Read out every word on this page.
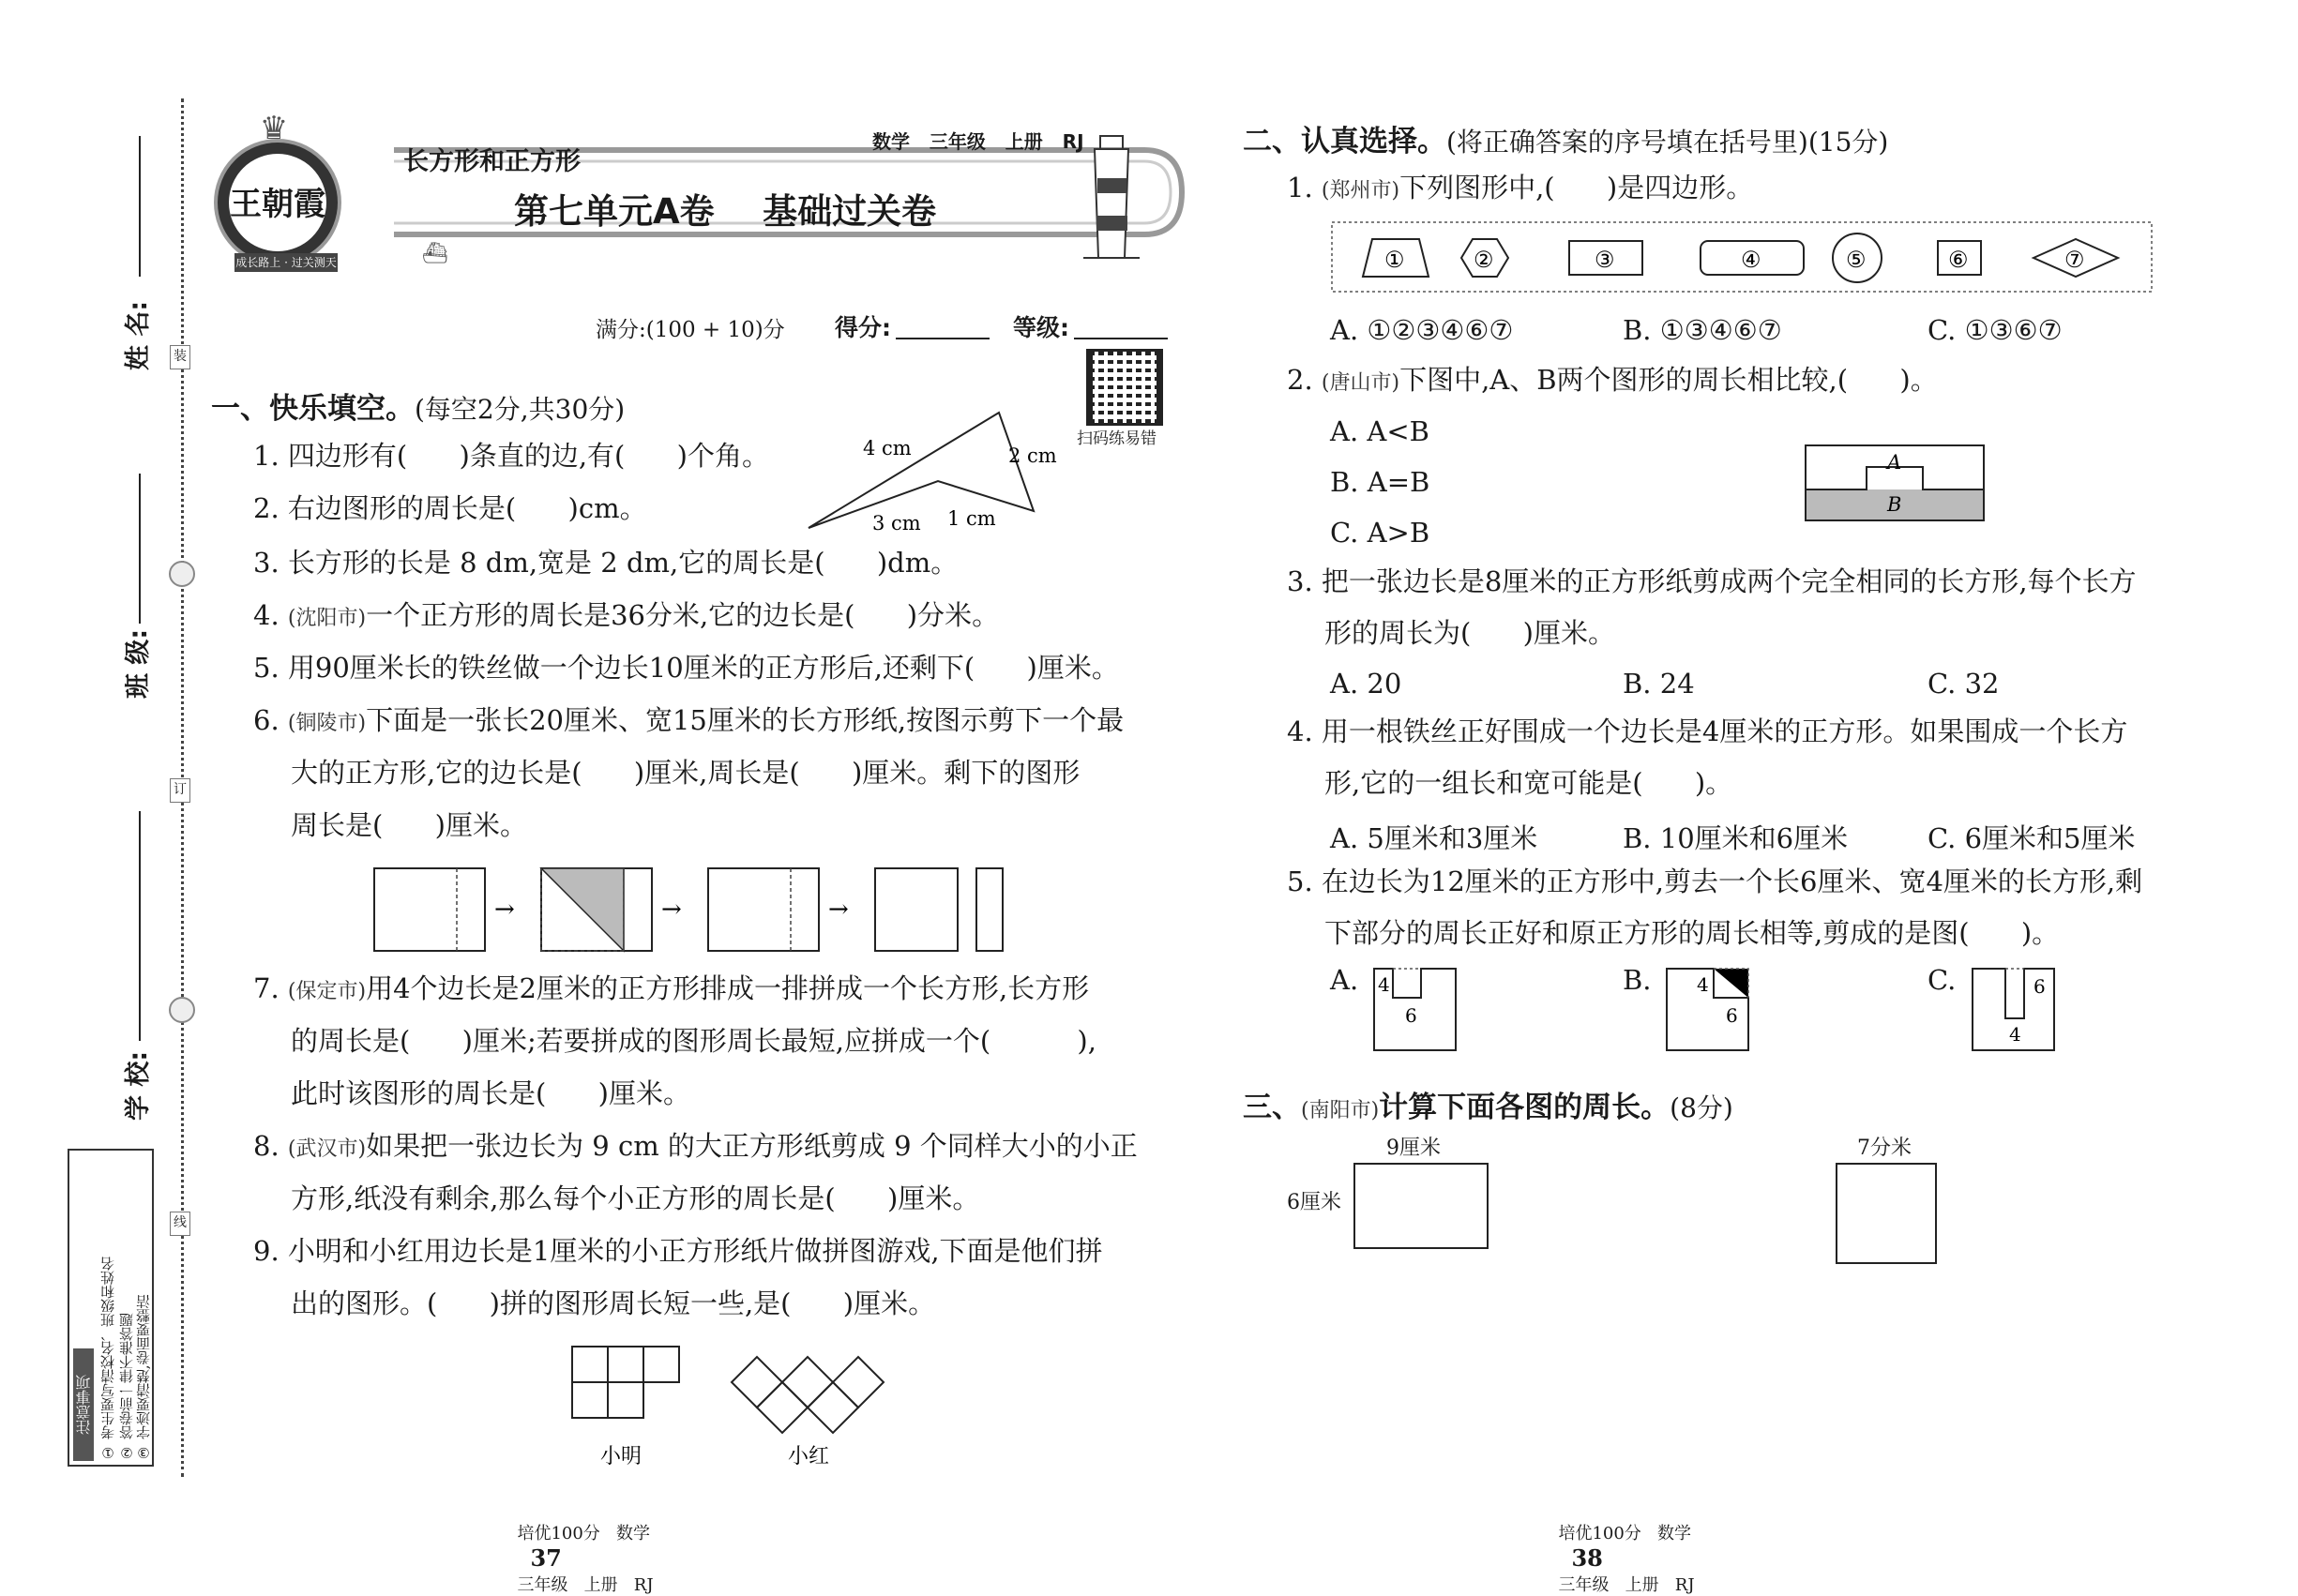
姓 名:
班 级:
学 校:
装
订
线
注意事项 ① 考生要写清校名、班级和姓名 ② 答卷前一律不准答题 ③ 字迹要清楚,卷面要整洁
王朝霞
♛
成长路上 · 过关测天
长方形和正方形
数学   三年级   上册   RJ
第七单元A卷    基础过关卷
⛴
满分:(100 + 10)分 得分:	等级:
扫码练易错
一、快乐填空。(每空2分,共30分)
1. 四边形有(      )条直的边,有(      )个角。
2. 右边图形的周长是(      )cm。
4 cm	2 cm
3 cm 1 cm
3. 长方形的长是 8 dm,宽是 2 dm,它的周长是(      )dm。
4. (沈阳市)一个正方形的周长是36分米,它的边长是(      )分米。
5. 用90厘米长的铁丝做一个边长10厘米的正方形后,还剩下(      )厘米。
6. (铜陵市)下面是一张长20厘米、宽15厘米的长方形纸,按图示剪下一个最
大的正方形,它的边长是(      )厘米,周长是(      )厘米。剩下的图形
周长是(      )厘米。
→	→	→
7. (保定市)用4个边长是2厘米的正方形排成一排拼成一个长方形,长方形
的周长是(      )厘米;若要拼成的图形周长最短,应拼成一个(          ),
此时该图形的周长是(      )厘米。
8. (武汉市)如果把一张边长为 9 cm 的大正方形纸剪成 9 个同样大小的小正
方形,纸没有剩余,那么每个小正方形的周长是(      )厘米。
9. 小明和小红用边长是1厘米的小正方形纸片做拼图游戏,下面是他们拼
出的图形。(      )拼的图形周长短一些,是(      )厘米。
小明	小红
二、认真选择。(将正确答案的序号填在括号里)(15分)
1. (郑州市)下列图形中,(      )是四边形。
①	②	③	④	⑤	⑥	⑦
A. ①②③④⑥⑦	B. ①③④⑥⑦	C. ①③⑥⑦
2. (唐山市)下图中,A、B两个图形的周长相比较,(      )。
A. A<B
B. A=B
C. A>B
A
B
3. 把一张边长是8厘米的正方形纸剪成两个完全相同的长方形,每个长方
形的周长为(      )厘米。
A. 20	B. 24	C. 32
4. 用一根铁丝正好围成一个边长是4厘米的正方形。如果围成一个长方
形,它的一组长和宽可能是(      )。
A. 5厘米和3厘米	B. 10厘米和6厘米	C. 6厘米和5厘米
5. 在边长为12厘米的正方形中,剪去一个长6厘米、宽4厘米的长方形,剩
下部分的周长正好和原正方形的周长相等,剪成的是图(      )。
A. 4
6
B. 4
6
C.	6
4
三、(南阳市)计算下面各图的周长。(8分)
9厘米
6厘米
7分米

培优100分   数学
37
三年级   上册   RJ

培优100分   数学
38
三年级   上册   RJ
